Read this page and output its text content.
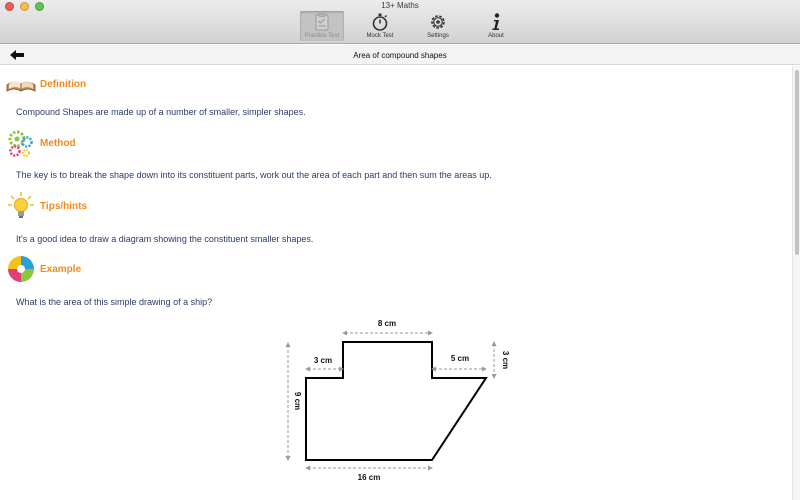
13+ Maths
Practice Test	Mock Test	Settings	About
Area of compound shapes
Definition
Compound Shapes are made up of a number of smaller, simpler shapes.
Method
The key is to break the shape down into its constituent parts, work out the area of each part and then sum the areas up.
Tips/hints
It's a good idea to draw a diagram showing the constituent smaller shapes.
Example
What is the area of this simple drawing of a ship?
8 cm
3 cm	5 cm	3 cm
9 cm
16 cm
